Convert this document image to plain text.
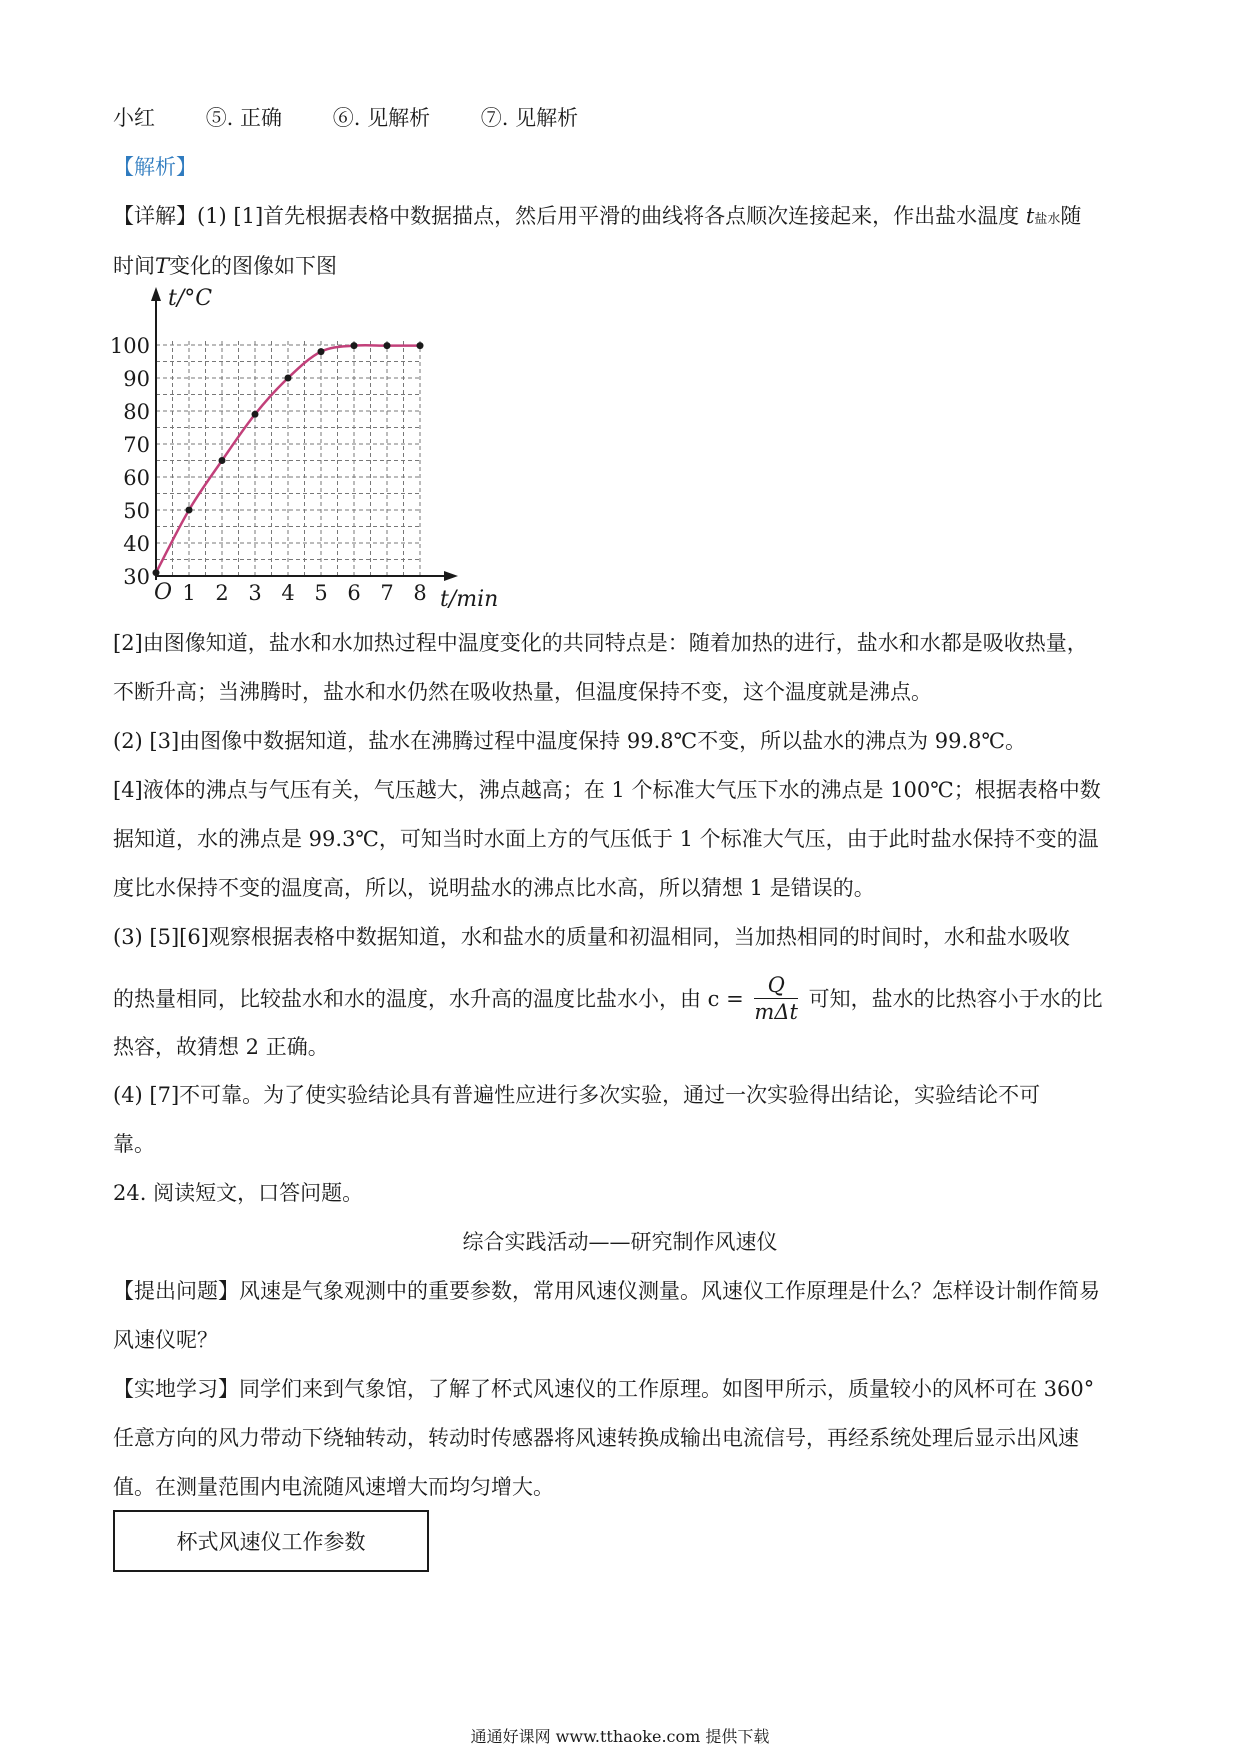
小红 ⑤. 正确 ⑥. 见解析 ⑦. 见解析
【解析】
【详解】(1) [1]首先根据表格中数据描点，然后用平滑的曲线将各点顺次连接起来，作出盐水温度 t盐水随
时间T变化的图像如下图
t/°C
t/min
O
30
40
50
60
70
80
90
100
1 2 3 4 5 6 7 8
[2]由图像知道，盐水和水加热过程中温度变化的共同特点是：随着加热的进行，盐水和水都是吸收热量，
不断升高；当沸腾时，盐水和水仍然在吸收热量，但温度保持不变，这个温度就是沸点。
(2) [3]由图像中数据知道，盐水在沸腾过程中温度保持 99.8℃不变，所以盐水的沸点为 99.8℃。
[4]液体的沸点与气压有关，气压越大，沸点越高；在 1 个标准大气压下水的沸点是 100℃；根据表格中数
据知道，水的沸点是 99.3℃，可知当时水面上方的气压低于 1 个标准大气压，由于此时盐水保持不变的温
度比水保持不变的温度高，所以，说明盐水的沸点比水高，所以猜想 1 是错误的。
(3) [5][6]观察根据表格中数据知道，水和盐水的质量和初温相同，当加热相同的时间时，水和盐水吸收
的热量相同，比较盐水和水的温度，水升高的温度比盐水小，由 $c = \frac{Q}{\text{mΔt}}$ 可知，盐水的比热容小于水的比
热容，故猜想 2 正确。
(4) [7]不可靠。为了使实验结论具有普遍性应进行多次实验，通过一次实验得出结论，实验结论不可
靠。
24. 阅读短文，口答问题。
综合实践活动——研究制作风速仪
【提出问题】风速是气象观测中的重要参数，常用风速仪测量。风速仪工作原理是什么？怎样设计制作简易
风速仪呢？
【实地学习】同学们来到气象馆，了解了杯式风速仪的工作原理。如图甲所示，质量较小的风杯可在 360°
任意方向的风力带动下绕轴转动，转动时传感器将风速转换成输出电流信号，再经系统处理后显示出风速
值。在测量范围内电流随风速增大而均匀增大。
杯式风速仪工作参数
通通好课网 www.tthaoke.com 提供下载
